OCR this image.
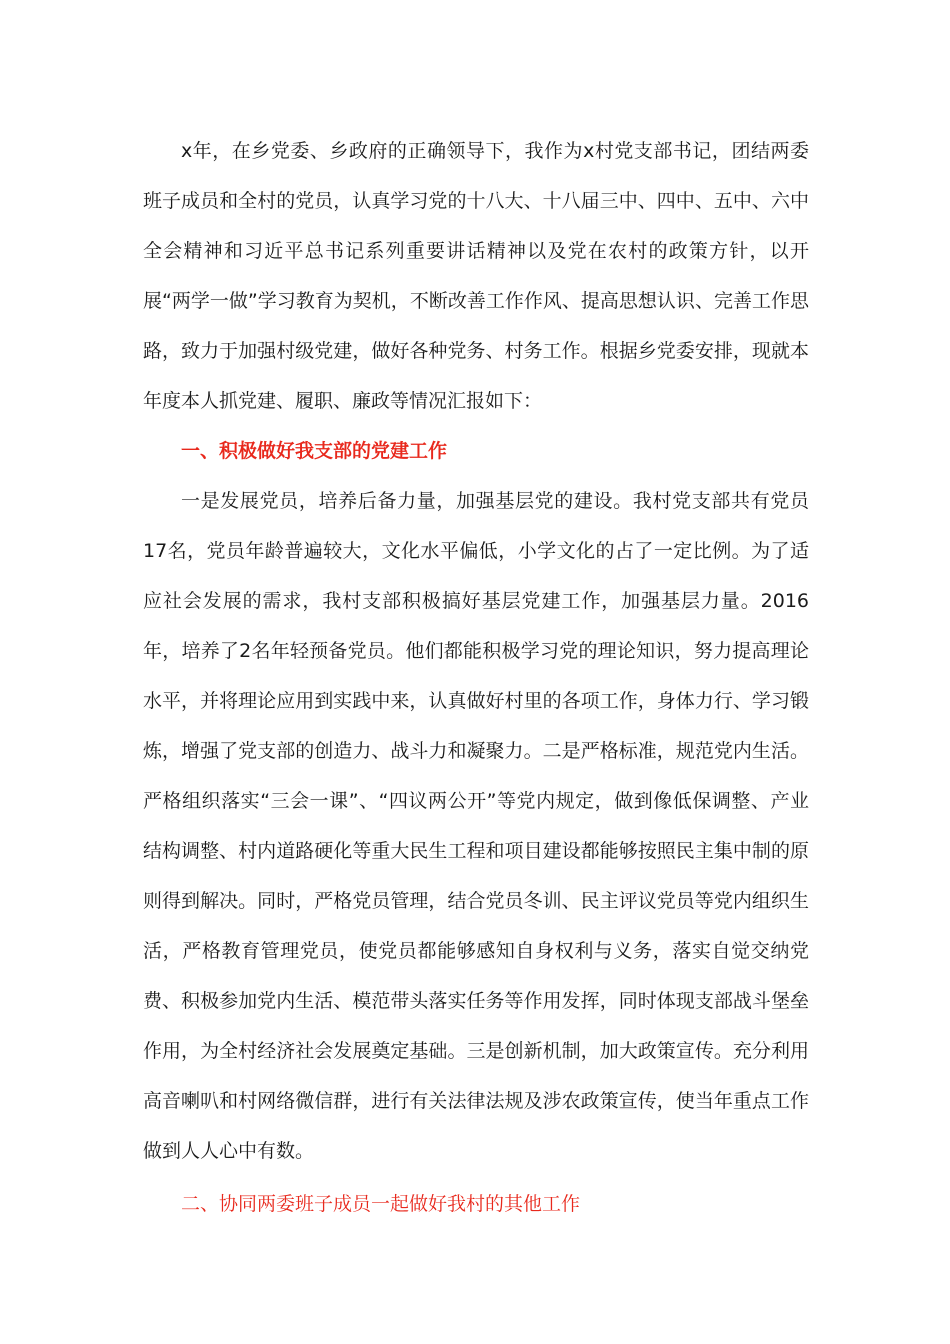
x年，在乡党委、乡政府的正确领导下，我作为x村党支部书记，团结两委班子成员和全村的党员，认真学习党的十八大、十八届三中、四中、五中、六中全会精神和习近平总书记系列重要讲话精神以及党在农村的政策方针，以开展“两学一做”学习教育为契机，不断改善工作作风、提高思想认识、完善工作思路，致力于加强村级党建，做好各种党务、村务工作。根据乡党委安排，现就本年度本人抓党建、履职、廉政等情况汇报如下：

一、积极做好我支部的党建工作

一是发展党员，培养后备力量，加强基层党的建设。我村党支部共有党员17名，党员年龄普遍较大，文化水平偏低，小学文化的占了一定比例。为了适应社会发展的需求，我村支部积极搞好基层党建工作，加强基层力量。2016年，培养了2名年轻预备党员。他们都能积极学习党的理论知识，努力提高理论水平，并将理论应用到实践中来，认真做好村里的各项工作，身体力行、学习锻炼，增强了党支部的创造力、战斗力和凝聚力。二是严格标准，规范党内生活。严格组织落实“三会一课”、“四议两公开”等党内规定，做到像低保调整、产业结构调整、村内道路硬化等重大民生工程和项目建设都能够按照民主集中制的原则得到解决。同时，严格党员管理，结合党员冬训、民主评议党员等党内组织生活，严格教育管理党员，使党员都能够感知自身权利与义务，落实自觉交纳党费、积极参加党内生活、模范带头落实任务等作用发挥，同时体现支部战斗堡垒作用，为全村经济社会发展奠定基础。三是创新机制，加大政策宣传。充分利用高音喇叭和村网络微信群，进行有关法律法规及涉农政策宣传，使当年重点工作做到人人心中有数。

二、协同两委班子成员一起做好我村的其他工作
